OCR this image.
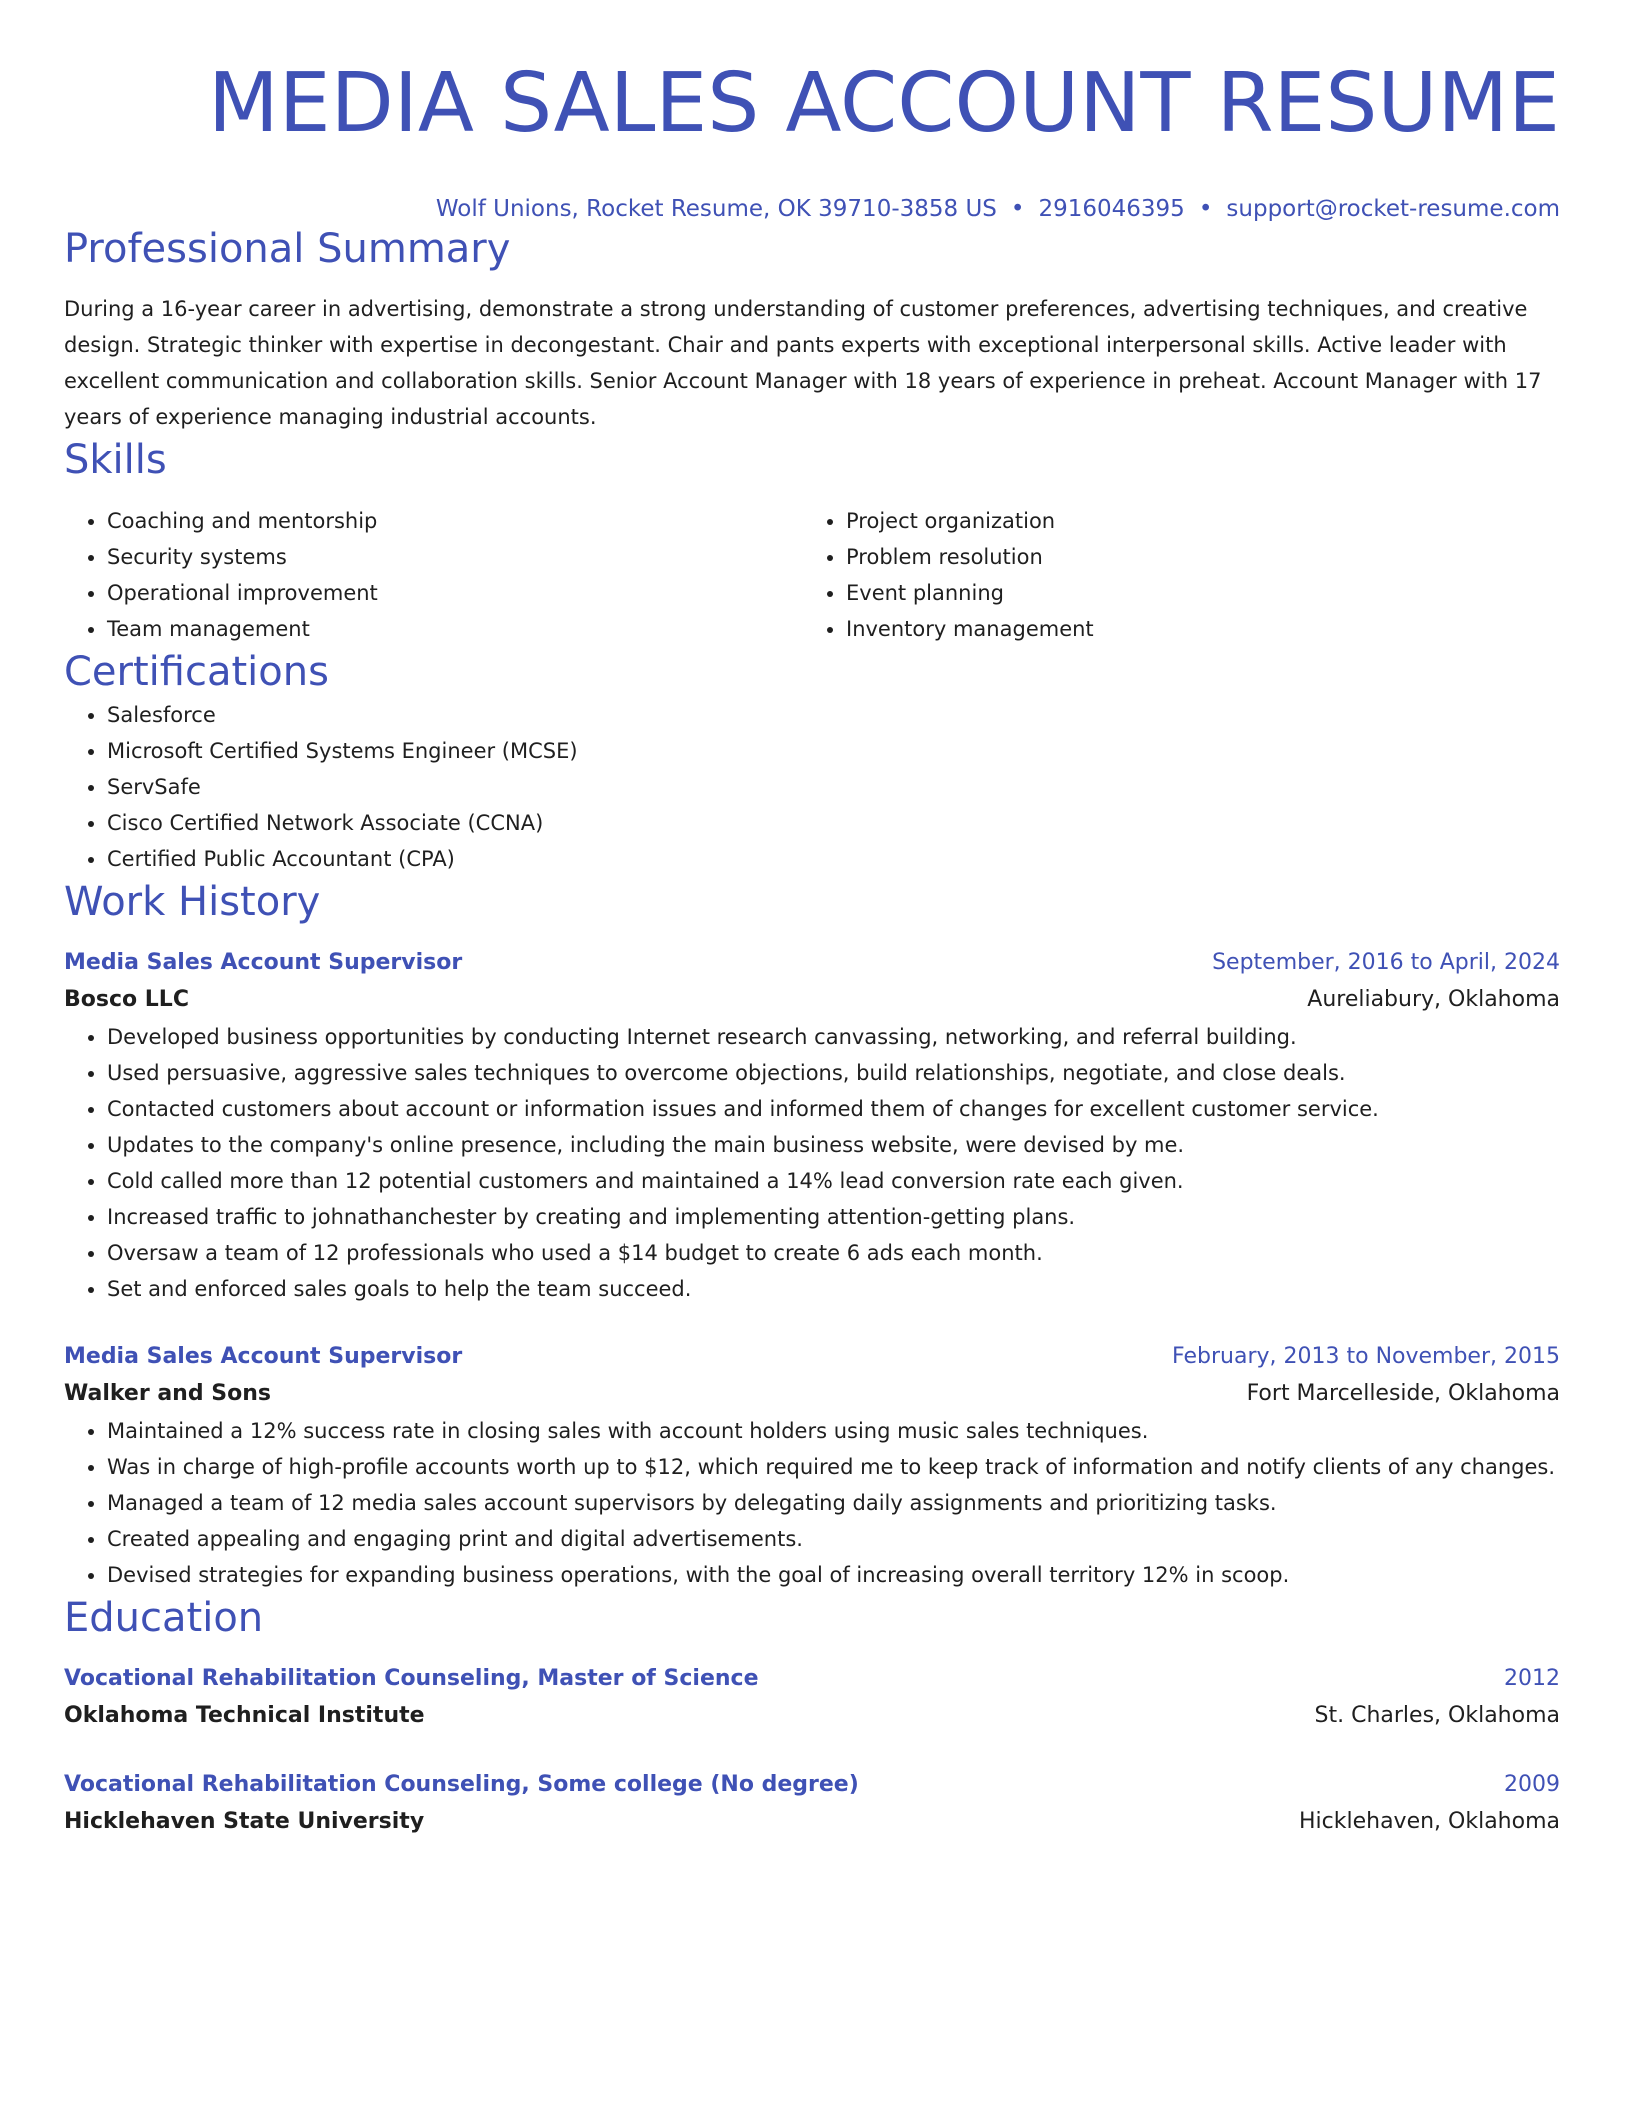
MEDIA SALES ACCOUNT RESUME
Wolf Unions, Rocket Resume, OK 39710-3858 US • 2916046395 • support@rocket-resume.com
Professional Summary

During a 16-year career in advertising, demonstrate a strong understanding of customer preferences, advertising techniques, and creative design. Strategic thinker with expertise in decongestant. Chair and pants experts with exceptional interpersonal skills. Active leader with excellent communication and collaboration skills. Senior Account Manager with 18 years of experience in preheat. Account Manager with 17 years of experience managing industrial accounts.

Skills
• Coaching and mentorship
• Security systems
• Operational improvement
• Team management
• Project organization
• Problem resolution
• Event planning
• Inventory management
Certifications
• Salesforce
• Microsoft Certified Systems Engineer (MCSE)
• ServSafe
• Cisco Certified Network Associate (CCNA)
• Certified Public Accountant (CPA)
Work History
Media Sales Account Supervisor	September, 2016 to April, 2024
Bosco LLC	Aureliabury, Oklahoma
• Developed business opportunities by conducting Internet research canvassing, networking, and referral building.
• Used persuasive, aggressive sales techniques to overcome objections, build relationships, negotiate, and close deals.
• Contacted customers about account or information issues and informed them of changes for excellent customer service.
• Updates to the company's online presence, including the main business website, were devised by me.
• Cold called more than 12 potential customers and maintained a 14% lead conversion rate each given.
• Increased traffic to johnathanchester by creating and implementing attention-getting plans.
• Oversaw a team of 12 professionals who used a $14 budget to create 6 ads each month.
• Set and enforced sales goals to help the team succeed.
Media Sales Account Supervisor	February, 2013 to November, 2015
Walker and Sons	Fort Marcelleside, Oklahoma
• Maintained a 12% success rate in closing sales with account holders using music sales techniques.
• Was in charge of high-profile accounts worth up to $12, which required me to keep track of information and notify clients of any changes.
• Managed a team of 12 media sales account supervisors by delegating daily assignments and prioritizing tasks.
• Created appealing and engaging print and digital advertisements.
• Devised strategies for expanding business operations, with the goal of increasing overall territory 12% in scoop.
Education
Vocational Rehabilitation Counseling, Master of Science	2012
Oklahoma Technical Institute	St. Charles, Oklahoma
Vocational Rehabilitation Counseling, Some college (No degree)	2009
Hicklehaven State University	Hicklehaven, Oklahoma
